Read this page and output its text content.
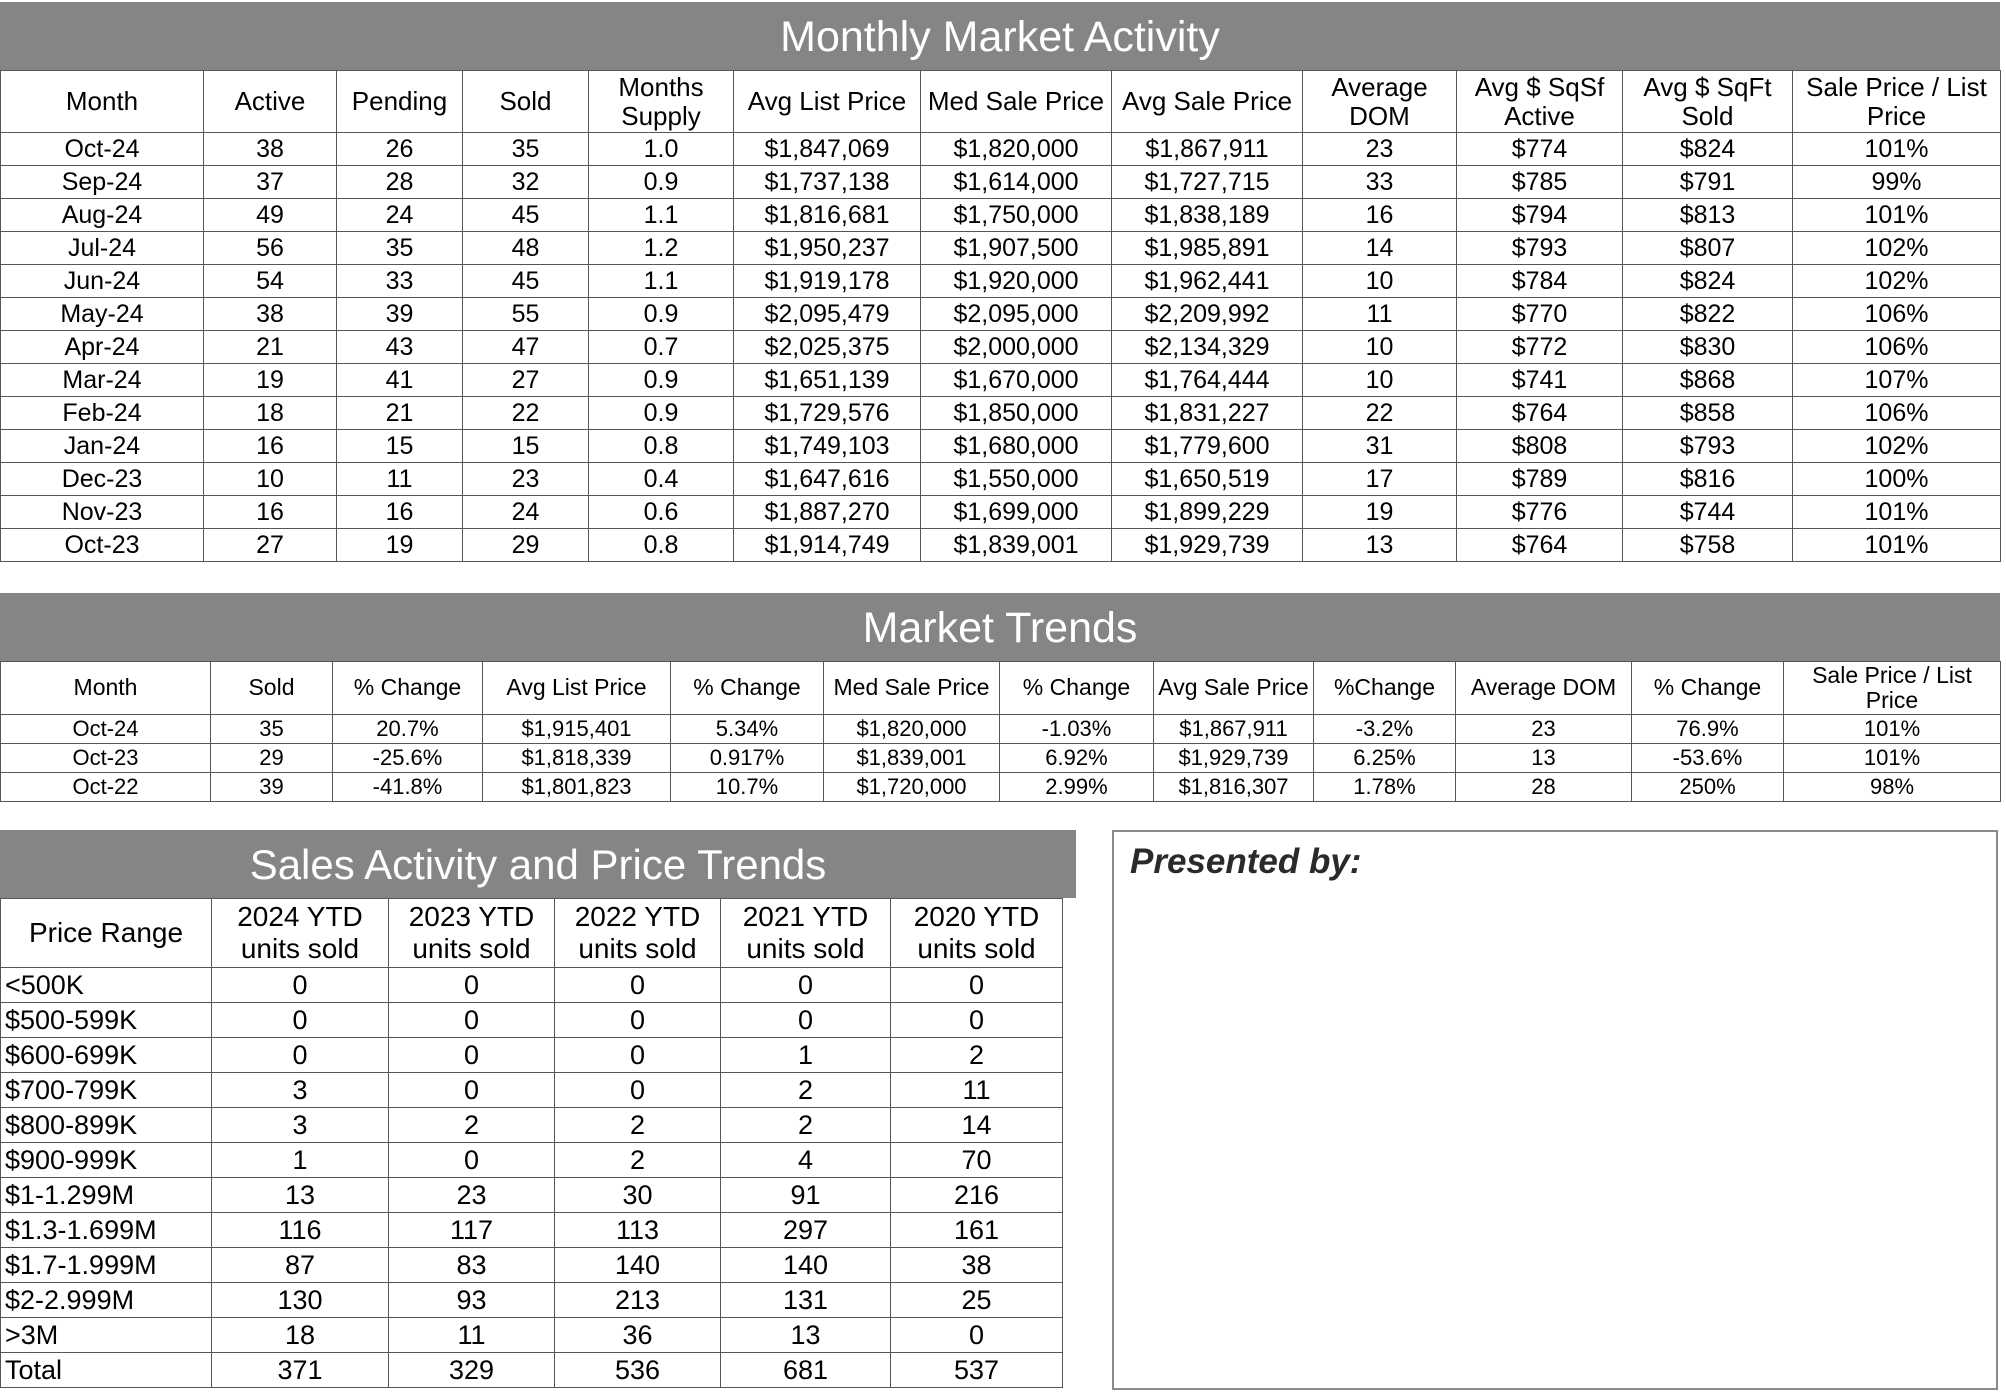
Monthly Market Activity
Month	Active	Pending	Sold	Months Supply	Avg List Price	Med Sale Price	Avg Sale Price	Average DOM	Avg $ SqSf Active	Avg $ SqFt Sold	Sale Price / List Price
Oct-24	38	26	35	1.0	$1,847,069	$1,820,000	$1,867,911	23	$774	$824	101%
Sep-24	37	28	32	0.9	$1,737,138	$1,614,000	$1,727,715	33	$785	$791	99%
Aug-24	49	24	45	1.1	$1,816,681	$1,750,000	$1,838,189	16	$794	$813	101%
Jul-24	56	35	48	1.2	$1,950,237	$1,907,500	$1,985,891	14	$793	$807	102%
Jun-24	54	33	45	1.1	$1,919,178	$1,920,000	$1,962,441	10	$784	$824	102%
May-24	38	39	55	0.9	$2,095,479	$2,095,000	$2,209,992	11	$770	$822	106%
Apr-24	21	43	47	0.7	$2,025,375	$2,000,000	$2,134,329	10	$772	$830	106%
Mar-24	19	41	27	0.9	$1,651,139	$1,670,000	$1,764,444	10	$741	$868	107%
Feb-24	18	21	22	0.9	$1,729,576	$1,850,000	$1,831,227	22	$764	$858	106%
Jan-24	16	15	15	0.8	$1,749,103	$1,680,000	$1,779,600	31	$808	$793	102%
Dec-23	10	11	23	0.4	$1,647,616	$1,550,000	$1,650,519	17	$789	$816	100%
Nov-23	16	16	24	0.6	$1,887,270	$1,699,000	$1,899,229	19	$776	$744	101%
Oct-23	27	19	29	0.8	$1,914,749	$1,839,001	$1,929,739	13	$764	$758	101%
Market Trends
Month	Sold	% Change	Avg List Price	% Change	Med Sale Price	% Change	Avg Sale Price	%Change	Average DOM	% Change	Sale Price / List Price
Oct-24	35	20.7%	$1,915,401	5.34%	$1,820,000	-1.03%	$1,867,911	-3.2%	23	76.9%	101%
Oct-23	29	-25.6%	$1,818,339	0.917%	$1,839,001	6.92%	$1,929,739	6.25%	13	-53.6%	101%
Oct-22	39	-41.8%	$1,801,823	10.7%	$1,720,000	2.99%	$1,816,307	1.78%	28	250%	98%
Sales Activity and Price Trends
Price Range	2024 YTD units sold	2023 YTD units sold	2022 YTD units sold	2021 YTD units sold	2020 YTD units sold
<500K	0	0	0	0	0
$500-599K	0	0	0	0	0
$600-699K	0	0	0	1	2
$700-799K	3	0	0	2	11
$800-899K	3	2	2	2	14
$900-999K	1	0	2	4	70
$1-1.299M	13	23	30	91	216
$1.3-1.699M	116	117	113	297	161
$1.7-1.999M	87	83	140	140	38
$2-2.999M	130	93	213	131	25
>3M	18	11	36	13	0
Total	371	329	536	681	537
Presented by:
